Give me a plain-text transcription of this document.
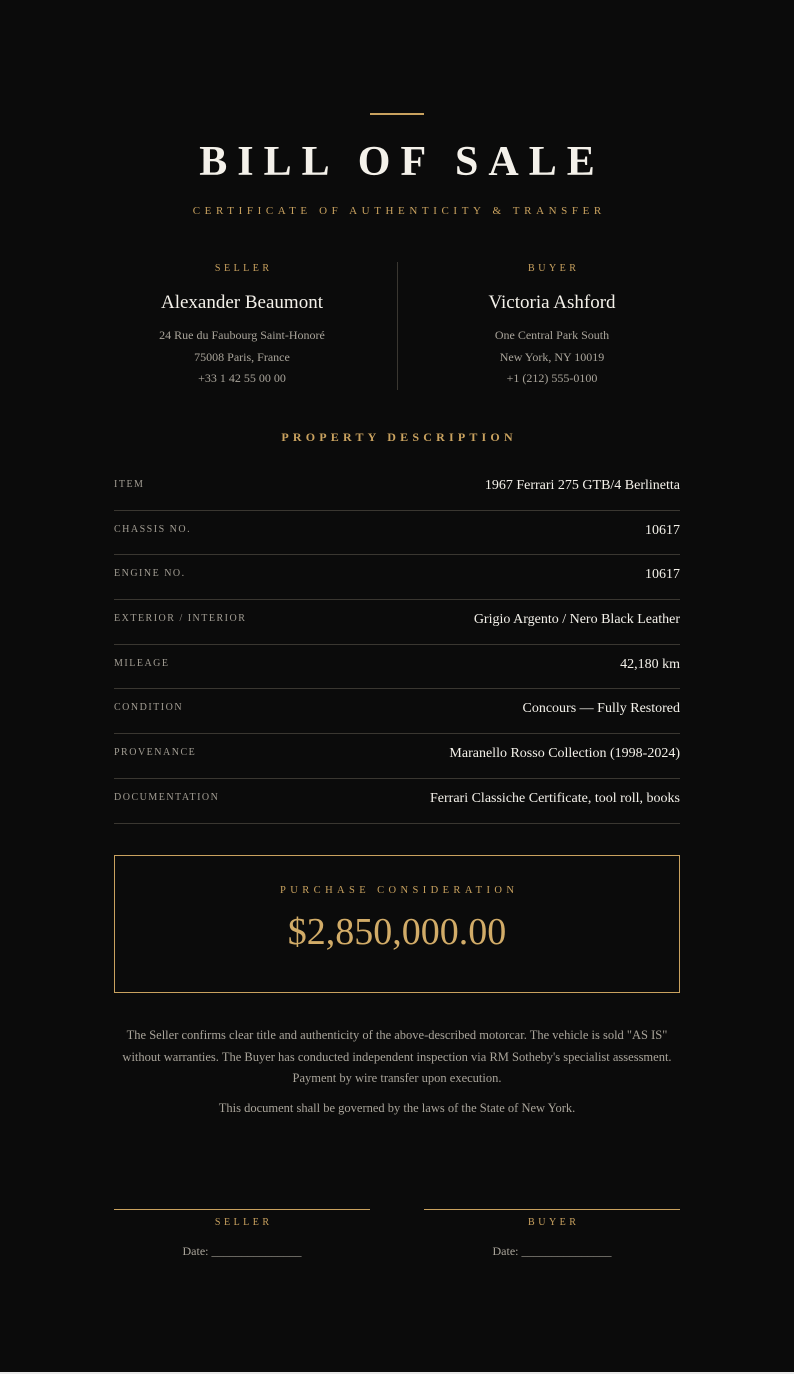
BILL OF SALE
CERTIFICATE OF AUTHENTICITY & TRANSFER
SELLER
Alexander Beaumont
24 Rue du Faubourg Saint-Honoré
75008 Paris, France
+33 1 42 55 00 00
BUYER
Victoria Ashford
One Central Park South
New York, NY 10019
+1 (212) 555-0100
PROPERTY DESCRIPTION
ITEM	1967 Ferrari 275 GTB/4 Berlinetta
CHASSIS NO.	10617
ENGINE NO.	10617
EXTERIOR / INTERIOR	Grigio Argento / Nero Black Leather
MILEAGE	42,180 km
CONDITION	Concours — Fully Restored
PROVENANCE	Maranello Rosso Collection (1998-2024)
DOCUMENTATION	Ferrari Classiche Certificate, tool roll, books
PURCHASE CONSIDERATION
$2,850,000.00

The Seller confirms clear title and authenticity of the above-described motorcar. The vehicle is sold "AS IS" without warranties. The Buyer has conducted independent inspection via RM Sotheby's specialist assessment. Payment by wire transfer upon execution.

This document shall be governed by the laws of the State of New York.

SELLER
Date: _______________
BUYER
Date: _______________
